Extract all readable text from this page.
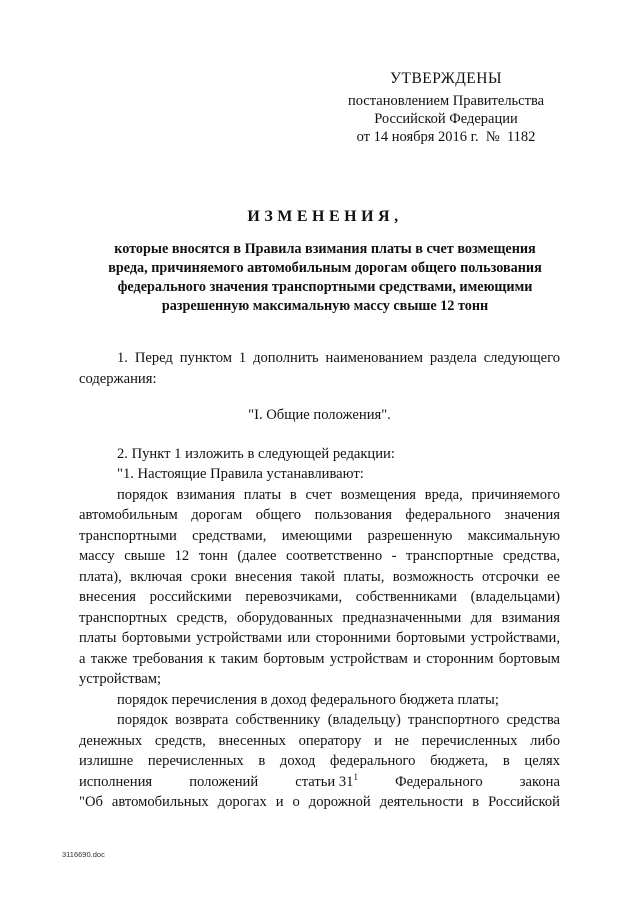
УТВЕРЖДЕНЫ
постановлением Правительства
Российской Федерации
от 14 ноября 2016 г.  №  1182
ИЗМЕНЕНИЯ,
которые вносятся в Правила взимания платы в счет возмещения
вреда, причиняемого автомобильным дорогам общего пользования
федерального значения транспортными средствами, имеющими
разрешенную максимальную массу свыше 12 тонн
1. Перед пунктом 1 дополнить наименованием раздела следующего
содержания:
"I. Общие положения".
2. Пункт 1 изложить в следующей редакции:
"1. Настоящие Правила устанавливают:
порядок взимания платы в счет возмещения вреда, причиняемого
автомобильным дорогам общего пользования федерального значения
транспортными средствами, имеющими разрешенную максимальную
массу свыше 12 тонн (далее соответственно - транспортные средства,
плата), включая сроки внесения такой платы, возможность отсрочки ее
внесения российскими перевозчиками, собственниками (владельцами)
транспортных средств, оборудованных предназначенными для взимания
платы бортовыми устройствами или сторонними бортовыми устройствами,
а также требования к таким бортовым устройствам и сторонним бортовым
устройствам;
порядок перечисления в доход федерального бюджета платы;
порядок возврата собственнику (владельцу) транспортного средства
денежных средств, внесенных оператору и не перечисленных либо
излишне перечисленных в доход федерального бюджета, в целях
исполнения	положений	статьи $31^1$	Федерального	закона
"Об автомобильных дорогах и о дорожной деятельности в Российской
3116690.doc
